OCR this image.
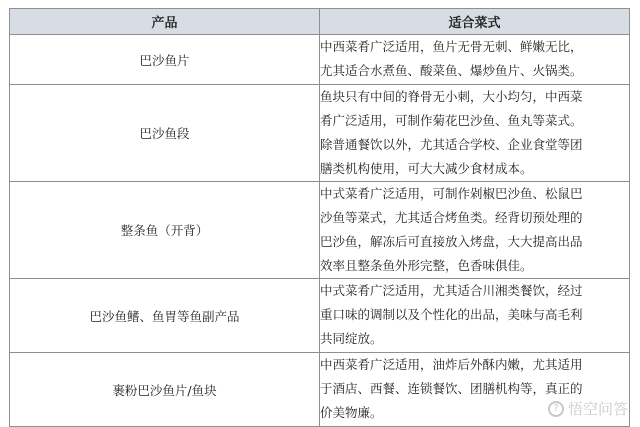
产品	适合菜式
巴沙鱼片	中西菜肴广泛适用，鱼片无骨无刺、鲜嫩无比，
尤其适合水煮鱼、酸菜鱼、爆炒鱼片、火锅类。

巴沙鱼段	鱼块只有中间的脊骨无小刺，大小均匀，中西菜
肴广泛适用，可制作菊花巴沙鱼、鱼丸等菜式。
除普通餐饮以外，尤其适合学校、企业食堂等团
膳类机构使用，可大大减少食材成本。

整条鱼（开背）	中式菜肴广泛适用，可制作剁椒巴沙鱼、松鼠巴
沙鱼等菜式，尤其适合烤鱼类。经背切预处理的
巴沙鱼，解冻后可直接放入烤盘，大大提高出品
效率且整条鱼外形完整，色香味俱佳。

巴沙鱼鳍、鱼胃等鱼副产品	中式菜肴广泛适用，尤其适合川湘类餐饮，经过
重口味的调制以及个性化的出品，美味与高毛利
共同绽放。

裹粉巴沙鱼片/鱼块	中西菜肴广泛适用，油炸后外酥内嫩，尤其适用
于酒店、西餐、连锁餐饮、团膳机构等，真正的
价美物廉。	? 悟空问答
